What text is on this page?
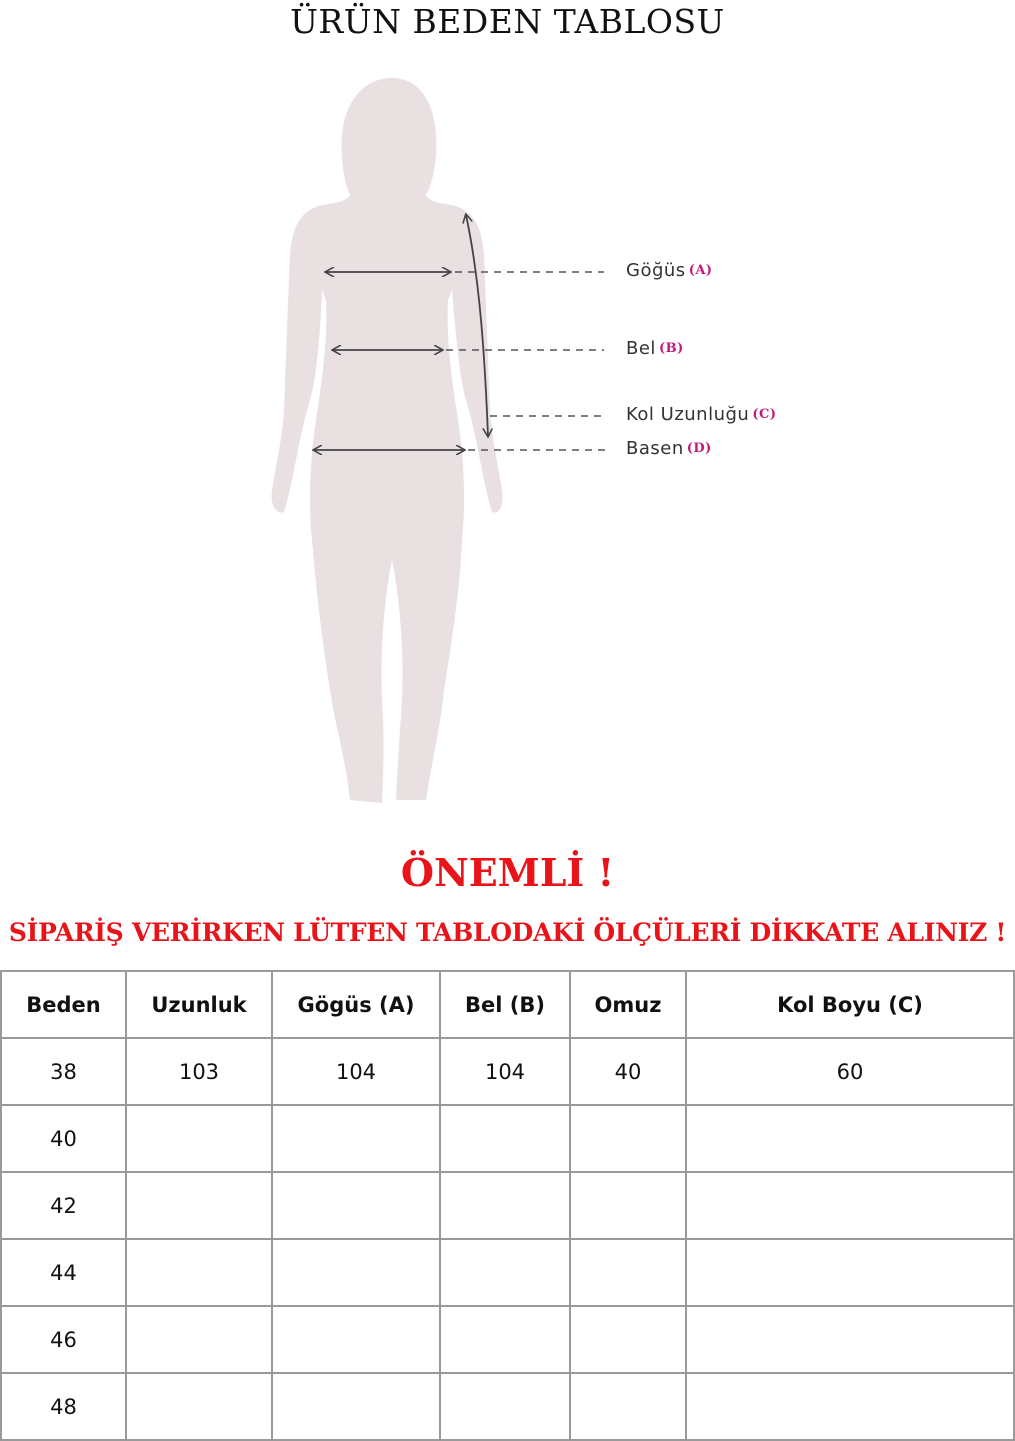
ÜRÜN BEDEN TABLOSU
Göğüs (A)
Bel (B)
Kol Uzunluğu (C)
Basen (D)
ÖNEMLİ !
SİPARİŞ VERİRKEN LÜTFEN TABLODAKİ ÖLÇÜLERİ DİKKATE ALINIZ !
Beden	Uzunluk	Gögüs (A)	Bel (B)	Omuz	Kol Boyu (C)
38	103	104	104	40	60
40					
42					
44					
46					
48					
